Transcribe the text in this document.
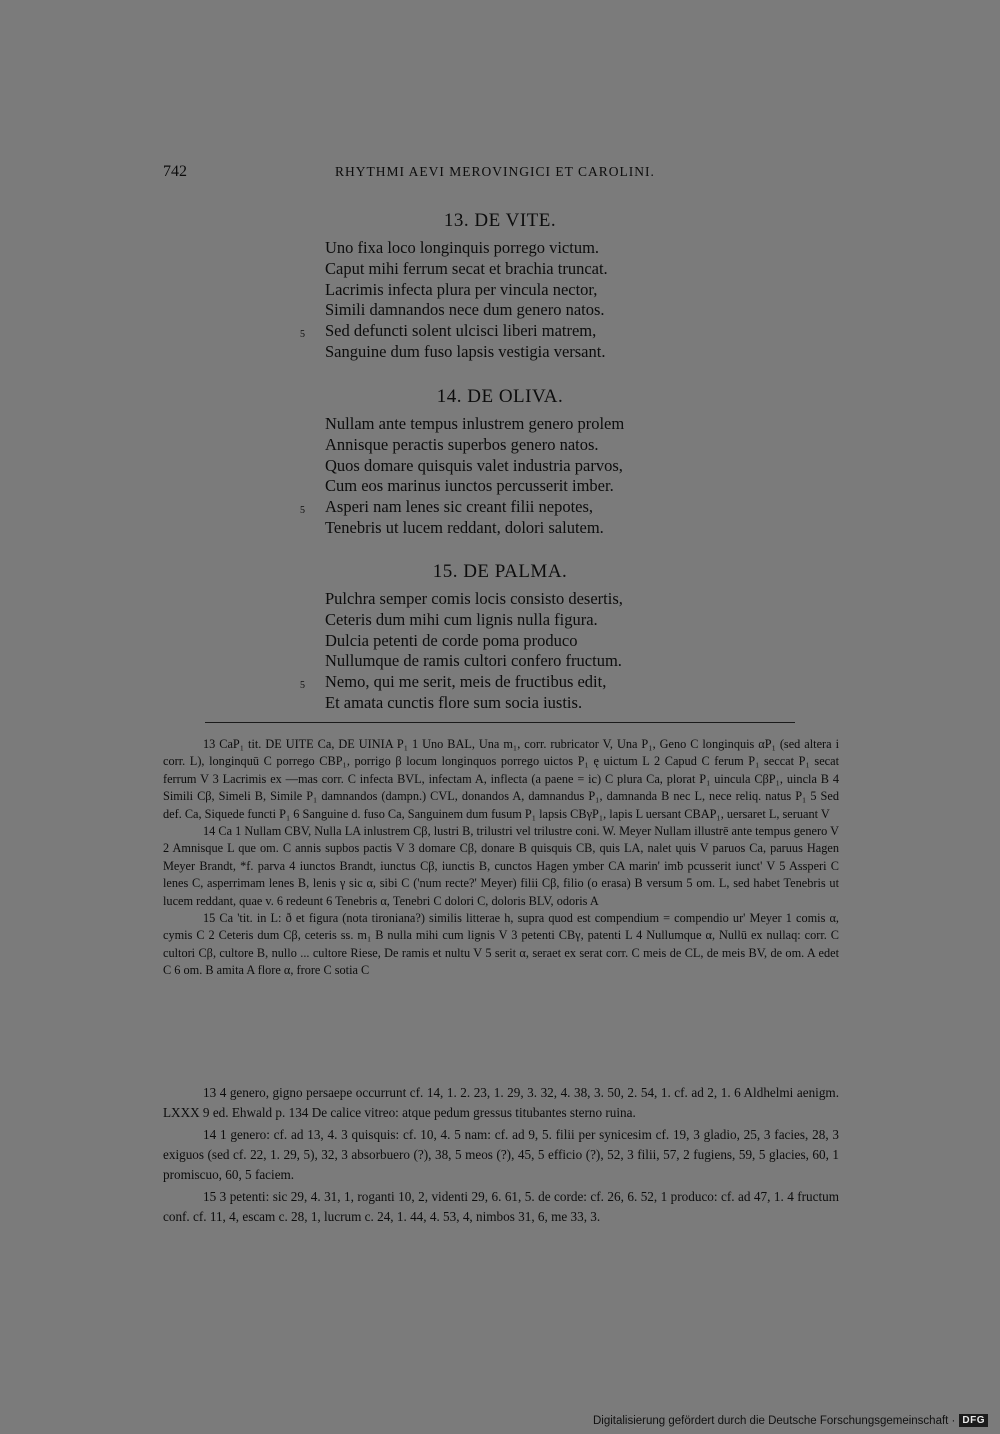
742	RHYTHMI AEVI MEROVINGICI ET CAROLINI.
13. DE VITE.
Uno fixa loco longinquis porrego victum.
Caput mihi ferrum secat et brachia truncat.
Lacrimis infecta plura per vincula nector,
Simili damnandos nece dum genero natos.
5 Sed defuncti solent ulcisci liberi matrem,
Sanguine dum fuso lapsis vestigia versant.
14. DE OLIVA.
Nullam ante tempus inlustrem genero prolem
Annisque peractis superbos genero natos.
Quos domare quisquis valet industria parvos,
Cum eos marinus iunctos percusserit imber.
5 Asperi nam lenes sic creant filii nepotes,
Tenebris ut lucem reddant, dolori salutem.
15. DE PALMA.
Pulchra semper comis locis consisto desertis,
Ceteris dum mihi cum lignis nulla figura.
Dulcia petenti de corde poma produco
Nullumque de ramis cultori confero fructum.
5 Nemo, qui me serit, meis de fructibus edit,
Et amata cunctis flore sum socia iustis.

13 CaP₁ tit. DE UITE Ca, DE UINIA P₁ 1 Uno BAL, Una m₁, corr. rubricator V, Una P₁, Geno C longinquis αP₁ (sed altera i corr. L), longinquū C porrego CBP₁, porrigo β locum longinquos porrego uictos P₁ ę uictum L 2 Capud C ferum P₁ seccat P₁ secat ferrum V 3 Lacrimis ex —mas corr. C infecta BVL, infectam A, inflecta (a paene = ic) C plura Ca, plorat P₁ uincula CβP₁, uincla B 4 Simili Cβ, Simeli B, Simile P₁ damnandos (dampn.) CVL, donandos A, damnandus P₁, damnanda B nec L, nece reliq. natus P₁ 5 Sed def. Ca, Siquede functi P₁ 6 Sanguine d. fuso Ca, Sanguinem dum fusum P₁ lapsis CBγP₁, lapis L uersant CBAP₁, uersaret L, seruant V

14 Ca 1 Nullam CBV, Nulla LA inlustrem Cβ, lustri B, trilustri vel trilustre coni. W. Meyer Nullam illustrē ante tempus genero V 2 Amnisque L que om. C annis supbos pactis V 3 domare Cβ, donare B quisquis CB, quis LA, nalet ųuis V paruos Ca, paruus Hagen Meyer Brandt, *f. parva 4 iunctos Brandt, iunctus Cβ, iunctis B, cunctos Hagen ymber CA marin' imƀ pcusserit iunct' V 5 Assperi C lenes C, asperrimam lenes B, lenis γ sic α, sibi C ('num recte?' Meyer) filii Cβ, filio (o erasa) B versum 5 om. L, sed habet Tenebris ut lucem reddant, quae v. 6 redeunt 6 Tenebris α, Tenebri C dolori C, doloris BLV, odoris A

15 Ca 'tit. in L: ð et figura (nota tironiana?) similis litterae h, supra quod est compendium = compendio ur' Meyer 1 comis α, cymis C 2 Ceteris dum Cβ, ceteris ss. m₁ B nulla mihi cum lignis V 3 petenti CBγ, patenti L 4 Nullumque α, Nullū ex nullaq: corr. C cultori Cβ, cultore B, nullo ... cultore Riese, De ramis et nultu V 5 serit α, seraet ex serat corr. C meis de CL, de meis BV, de om. A edet C 6 om. B amita A flore α, frore C sotia C

13 4 genero, gigno persaepe occurrunt cf. 14, 1. 2. 23, 1. 29, 3. 32, 4. 38, 3. 50, 2. 54, 1. cf. ad 2, 1. 6 Aldhelmi aenigm. LXXX 9 ed. Ehwald p. 134 De calice vitreo: atque pedum gressus titubantes sterno ruina.

14 1 genero: cf. ad 13, 4. 3 quisquis: cf. 10, 4. 5 nam: cf. ad 9, 5. filii per synicesim cf. 19, 3 gladio, 25, 3 facies, 28, 3 exiguos (sed cf. 22, 1. 29, 5), 32, 3 absorbuero (?), 38, 5 meos (?), 45, 5 efficio (?), 52, 3 filii, 57, 2 fugiens, 59, 5 glacies, 60, 1 promiscuo, 60, 5 faciem.

15 3 petenti: sic 29, 4. 31, 1, roganti 10, 2, videnti 29, 6. 61, 5. de corde: cf. 26, 6. 52, 1 produco: cf. ad 47, 1. 4 fructum conf. cf. 11, 4, escam c. 28, 1, lucrum c. 24, 1. 44, 4. 53, 4, nimbos 31, 6, me 33, 3.

Digitalisierung gefördert durch die Deutsche Forschungsgemeinschaft · DFG
